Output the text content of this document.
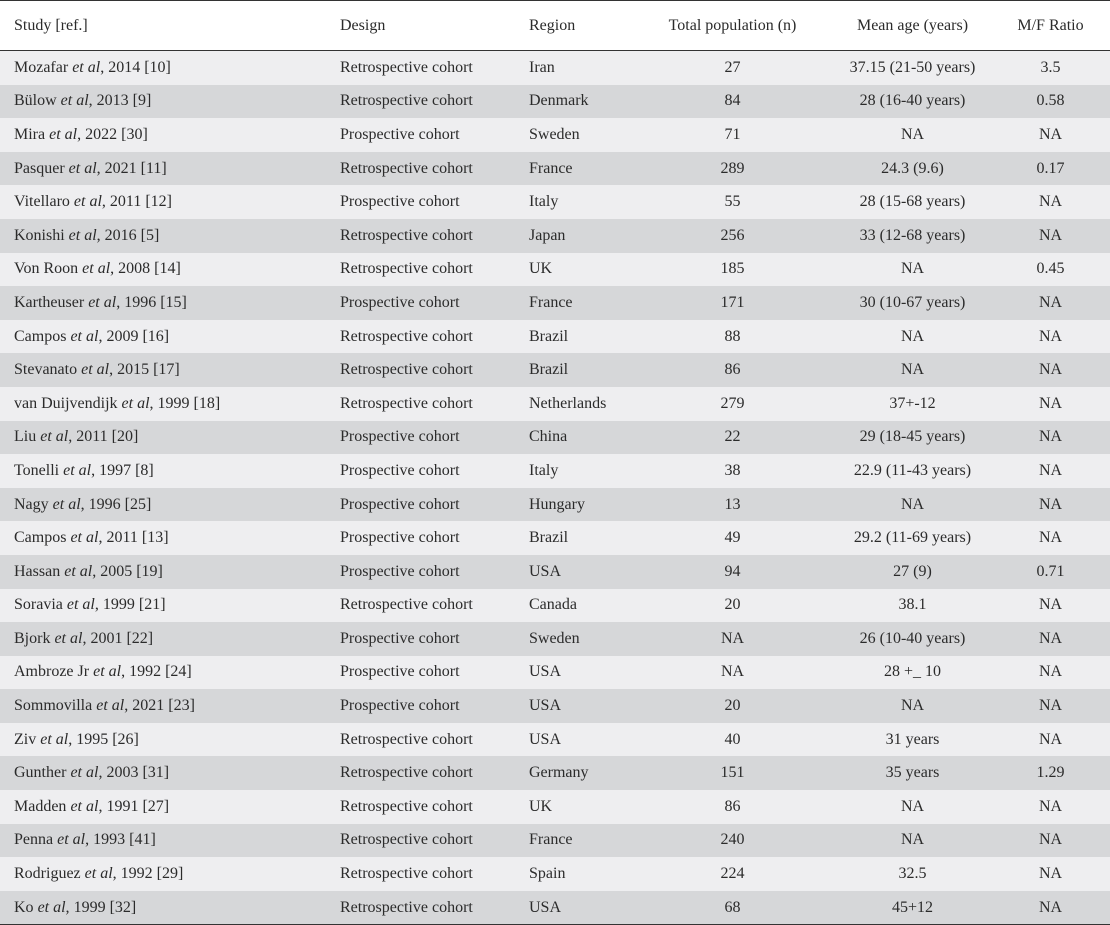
Study [ref.]	Design	Region	Total population (n)	Mean age (years)	M/F Ratio
Mozafar et al, 2014 [10]	Retrospective cohort	Iran	27	37.15 (21-50 years)	3.5
Bülow et al, 2013 [9]	Retrospective cohort	Denmark	84	28 (16-40 years)	0.58
Mira et al, 2022 [30]	Prospective cohort	Sweden	71	NA	NA
Pasquer et al, 2021 [11]	Retrospective cohort	France	289	24.3 (9.6)	0.17
Vitellaro et al, 2011 [12]	Prospective cohort	Italy	55	28 (15-68 years)	NA
Konishi et al, 2016 [5]	Retrospective cohort	Japan	256	33 (12-68 years)	NA
Von Roon et al, 2008 [14]	Retrospective cohort	UK	185	NA	0.45
Kartheuser et al, 1996 [15]	Prospective cohort	France	171	30 (10-67 years)	NA
Campos et al, 2009 [16]	Retrospective cohort	Brazil	88	NA	NA
Stevanato et al, 2015 [17]	Retrospective cohort	Brazil	86	NA	NA
van Duijvendijk et al, 1999 [18]	Retrospective cohort	Netherlands	279	37+-12	NA
Liu et al, 2011 [20]	Prospective cohort	China	22	29 (18-45 years)	NA
Tonelli et al, 1997 [8]	Prospective cohort	Italy	38	22.9 (11-43 years)	NA
Nagy et al, 1996 [25]	Prospective cohort	Hungary	13	NA	NA
Campos et al, 2011 [13]	Prospective cohort	Brazil	49	29.2 (11-69 years)	NA
Hassan et al, 2005 [19]	Prospective cohort	USA	94	27 (9)	0.71
Soravia et al, 1999 [21]	Retrospective cohort	Canada	20	38.1	NA
Bjork et al, 2001 [22]	Prospective cohort	Sweden	NA	26 (10-40 years)	NA
Ambroze Jr et al, 1992 [24]	Prospective cohort	USA	NA	28 +_ 10	NA
Sommovilla et al, 2021 [23]	Prospective cohort	USA	20	NA	NA
Ziv et al, 1995 [26]	Retrospective cohort	USA	40	31 years	NA
Gunther et al, 2003 [31]	Retrospective cohort	Germany	151	35 years	1.29
Madden et al, 1991 [27]	Retrospective cohort	UK	86	NA	NA
Penna et al, 1993 [41]	Retrospective cohort	France	240	NA	NA
Rodriguez et al, 1992 [29]	Retrospective cohort	Spain	224	32.5	NA
Ko et al, 1999 [32]	Retrospective cohort	USA	68	45+12	NA
